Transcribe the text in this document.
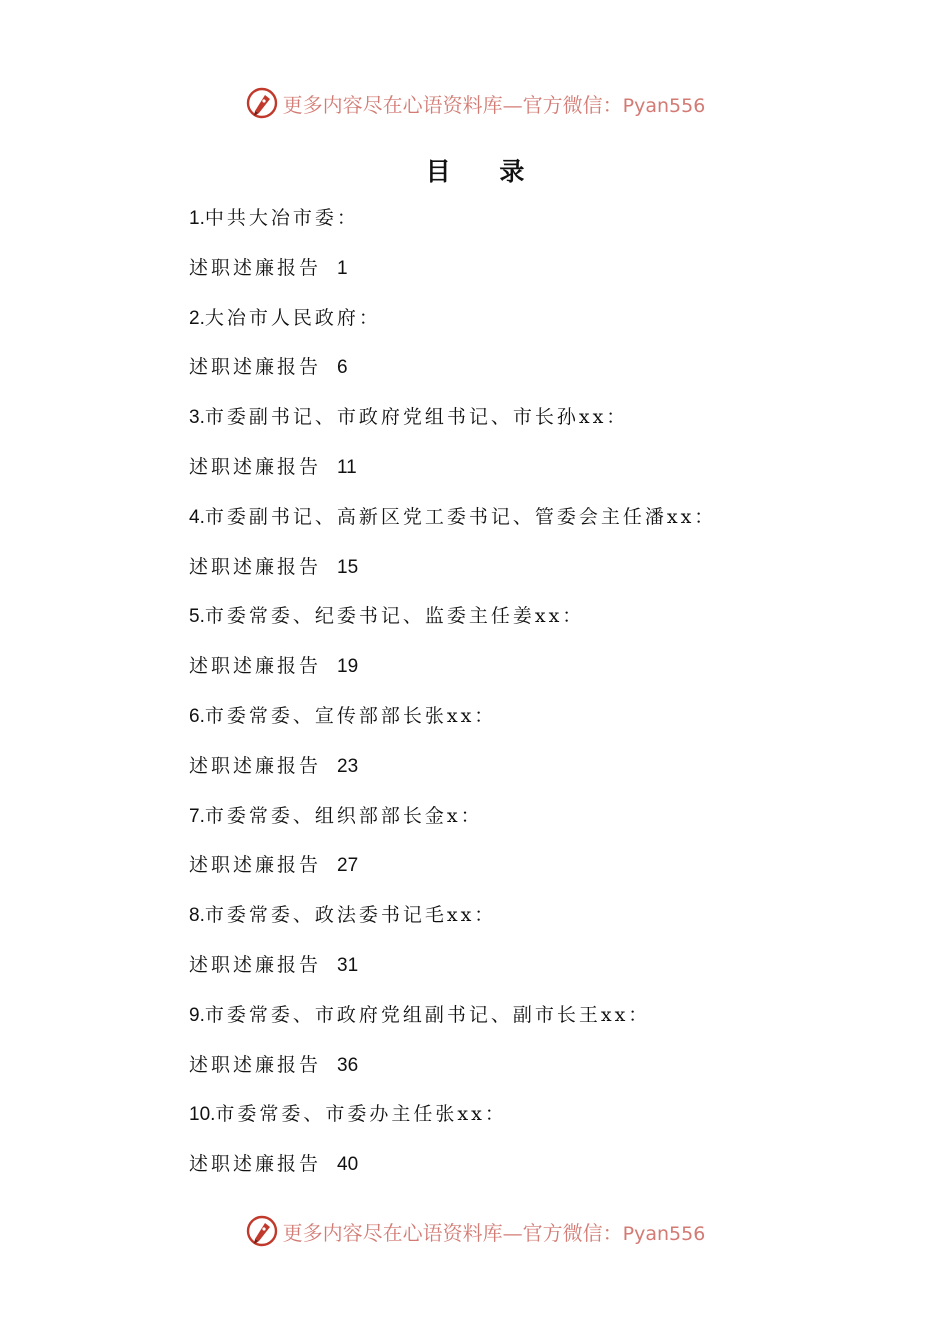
更多内容尽在心语资料库—官方微信：Pyan556
目 录
1.中共大冶市委：
述职述廉报告 1
2.大冶市人民政府：
述职述廉报告 6
3.市委副书记、市政府党组书记、市长孙xx：
述职述廉报告 11
4.市委副书记、高新区党工委书记、管委会主任潘xx：
述职述廉报告 15
5.市委常委、纪委书记、监委主任姜xx：
述职述廉报告 19
6.市委常委、宣传部部长张xx：
述职述廉报告 23
7.市委常委、组织部部长金x：
述职述廉报告 27
8.市委常委、政法委书记毛xx：
述职述廉报告 31
9.市委常委、市政府党组副书记、副市长王xx：
述职述廉报告 36
10.市委常委、市委办主任张xx：
述职述廉报告 40
更多内容尽在心语资料库—官方微信：Pyan556
